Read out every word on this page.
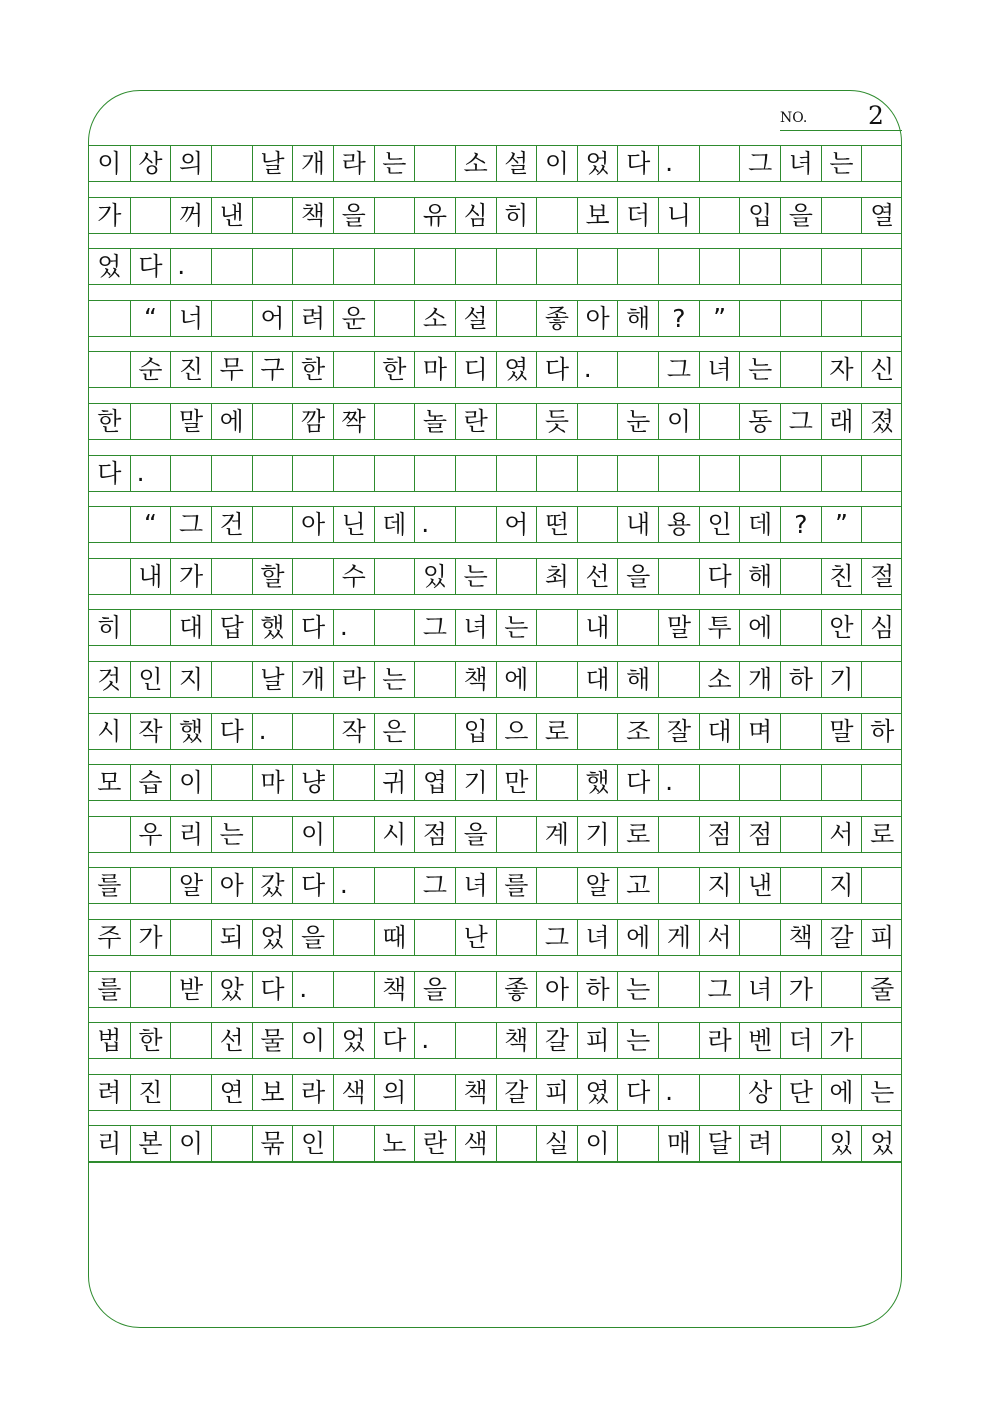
NO. 2
이 상 의	날 개 라 는	소 설 이 었 다 .	그 녀 는
가	꺼 낸	책 을	유 심 히	보 더 니	입 을	열
었 다 .
“ 너	어 려 운	소 설	좋 아 해 ?	”
순 진 무 구 한	한 마 디 였 다 .	그 녀 는	자 신
한	말 에	깜 짝	놀 란	듯	눈 이	동 그 래 졌
다 .
“ 그 건	아 닌 데 .	어 떤	내 용 인 데 ?	”
내 가	할	수	있 는	최 선 을	다 해	친 절
히	대 답 했 다 .	그 녀 는	내	말 투 에	안 심
것 인 지	날 개 라 는	책 에	대 해	소 개 하 기
시 작 했 다 .	작 은	입 으 로	조 잘 대 며	말 하
모 습 이	마 냥	귀 엽 기 만	했 다 .
우 리 는	이	시 점 을	계 기 로	점 점	서 로
를	알 아 갔 다 .	그 녀 를	알 고	지 낸	지
주 가	되 었 을	때	난	그 녀 에 게 서	책 갈 피
를	받 았 다 .	책 을	좋 아 하 는	그 녀 가	줄
법 한	선 물 이 었 다 .	책 갈 피 는	라 벤 더 가
려 진	연 보 라 색 의	책 갈 피 였 다 .	상 단 에 는
리 본 이	묶 인	노 란 색	실 이	매 달 려	있 었
